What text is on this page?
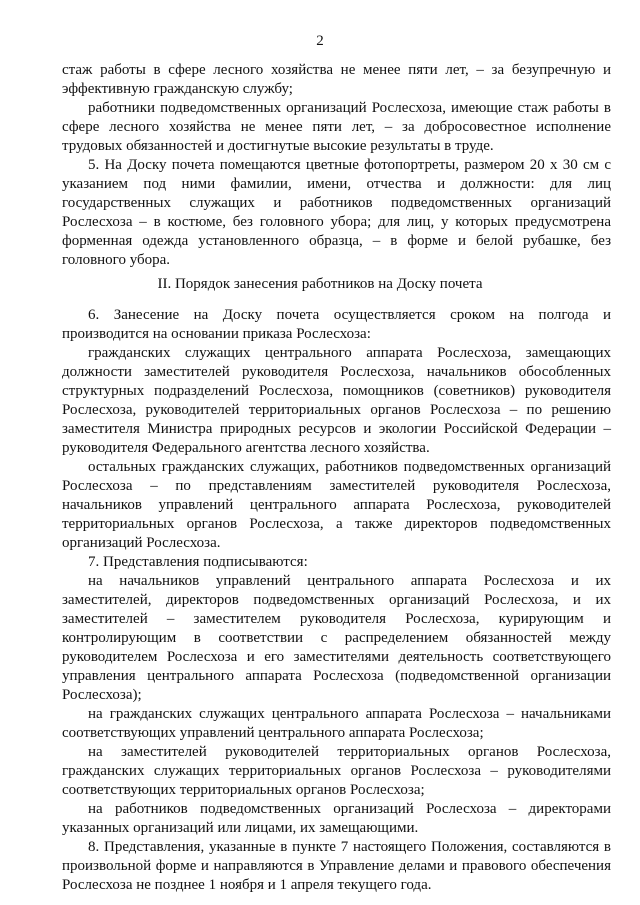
2
стаж работы в сфере лесного хозяйства не менее пяти лет, – за безупречную и
эффективную гражданскую службу;
работники подведомственных организаций Рослесхоза, имеющие стаж работы в
сфере лесного хозяйства не менее пяти лет, – за добросовестное исполнение
трудовых обязанностей и достигнутые высокие результаты в труде.
5. На Доску почета помещаются цветные фотопортреты, размером 20 х 30 см с
указанием под ними фамилии, имени, отчества и должности: для лиц
государственных служащих и работников подведомственных организаций
Рослесхоза – в костюме, без головного убора; для лиц, у которых предусмотрена
форменная одежда установленного образца, – в форме и белой рубашке, без
головного убора.
II. Порядок занесения работников на Доску почета
6. Занесение на Доску почета осуществляется сроком на полгода и
производится на основании приказа Рослесхоза:
гражданских служащих центрального аппарата Рослесхоза, замещающих
должности заместителей руководителя Рослесхоза, начальников обособленных
структурных подразделений Рослесхоза, помощников (советников) руководителя
Рослесхоза, руководителей территориальных органов Рослесхоза – по решению
заместителя Министра природных ресурсов и экологии Российской Федерации –
руководителя Федерального агентства лесного хозяйства.
остальных гражданских служащих, работников подведомственных организаций
Рослесхоза – по представлениям заместителей руководителя Рослесхоза,
начальников управлений центрального аппарата Рослесхоза, руководителей
территориальных органов Рослесхоза, а также директоров подведомственных
организаций Рослесхоза.
7. Представления подписываются:
на начальников управлений центрального аппарата Рослесхоза и их
заместителей, директоров подведомственных организаций Рослесхоза, и их
заместителей – заместителем руководителя Рослесхоза, курирующим и
контролирующим в соответствии с распределением обязанностей между
руководителем Рослесхоза и его заместителями деятельность соответствующего
управления центрального аппарата Рослесхоза (подведомственной организации
Рослесхоза);
на гражданских служащих центрального аппарата Рослесхоза – начальниками
соответствующих управлений центрального аппарата Рослесхоза;
на заместителей руководителей территориальных органов Рослесхоза,
гражданских служащих территориальных органов Рослесхоза – руководителями
соответствующих территориальных органов Рослесхоза;
на работников подведомственных организаций Рослесхоза – директорами
указанных организаций или лицами, их замещающими.
8. Представления, указанные в пункте 7 настоящего Положения, составляются в
произвольной форме и направляются в Управление делами и правового обеспечения
Рослесхоза не позднее 1 ноября и 1 апреля текущего года.
